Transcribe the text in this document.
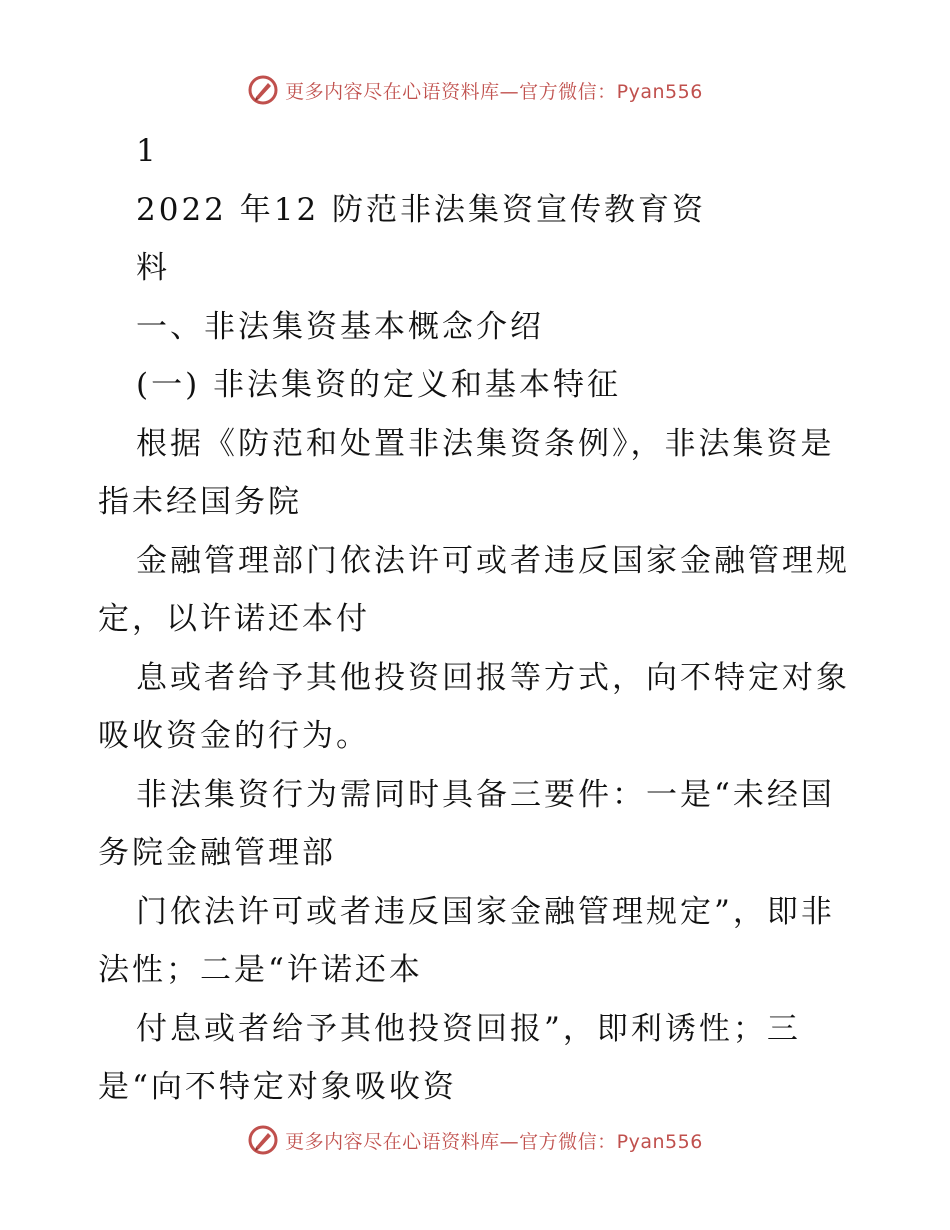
更多内容尽在心语资料库—官方微信：Pyan556
1
2022 年12 防范非法集资宣传教育资
料
一、非法集资基本概念介绍
(一) 非法集资的定义和基本特征
根据《防范和处置非法集资条例》，非法集资是
指未经国务院
金融管理部门依法许可或者违反国家金融管理规
定，以许诺还本付
息或者给予其他投资回报等方式，向不特定对象
吸收资金的行为。
非法集资行为需同时具备三要件：一是“未经国
务院金融管理部
门依法许可或者违反国家金融管理规定”，即非
法性；二是“许诺还本
付息或者给予其他投资回报”，即利诱性；三
是“向不特定对象吸收资
更多内容尽在心语资料库—官方微信：Pyan556
